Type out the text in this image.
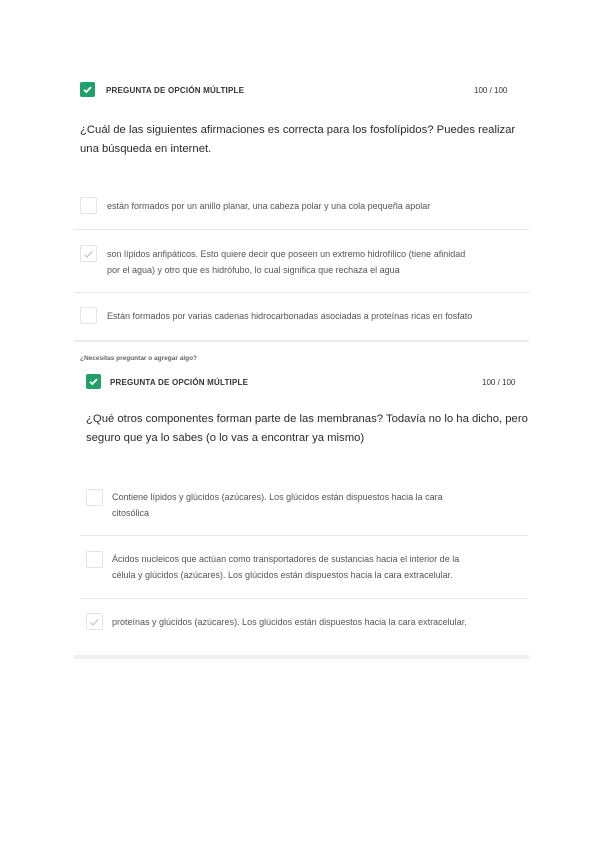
PREGUNTA DE OPCIÓN MÚLTIPLE	100 / 100
¿Cuál de las siguientes afirmaciones es correcta para los fosfolípidos? Puedes realizar
una búsqueda en internet.
están formados por un anillo planar, una cabeza polar y una cola pequeña apolar
son lípidos anfipáticos. Esto quiere decir que poseen un extremo hidrofílico (tiene afinidad
por el agua) y otro que es hidrófubo, lo cual significa que rechaza el agua
Están formados por varias cadenas hidrocarbonadas asociadas a proteínas ricas en fosfato
¿Necesitas preguntar o agregar algo?
PREGUNTA DE OPCIÓN MÚLTIPLE	100 / 100
¿Qué otros componentes forman parte de las membranas? Todavía no lo ha dicho, pero
seguro que ya lo sabes (o lo vas a encontrar ya mismo)
Contiene lípidos y glúcidos (azúcares). Los glúcidos están dispuestos hacia la cara
citosólica
Ácidos nucleicos que actúan como transportadores de sustancias hacia el interior de la
célula y glúcidos (azúcares). Los glúcidos están dispuestos hacia la cara extracelular.
proteínas y glúcidos (azúcares). Los glúcidos están dispuestos hacia la cara extracelular.
